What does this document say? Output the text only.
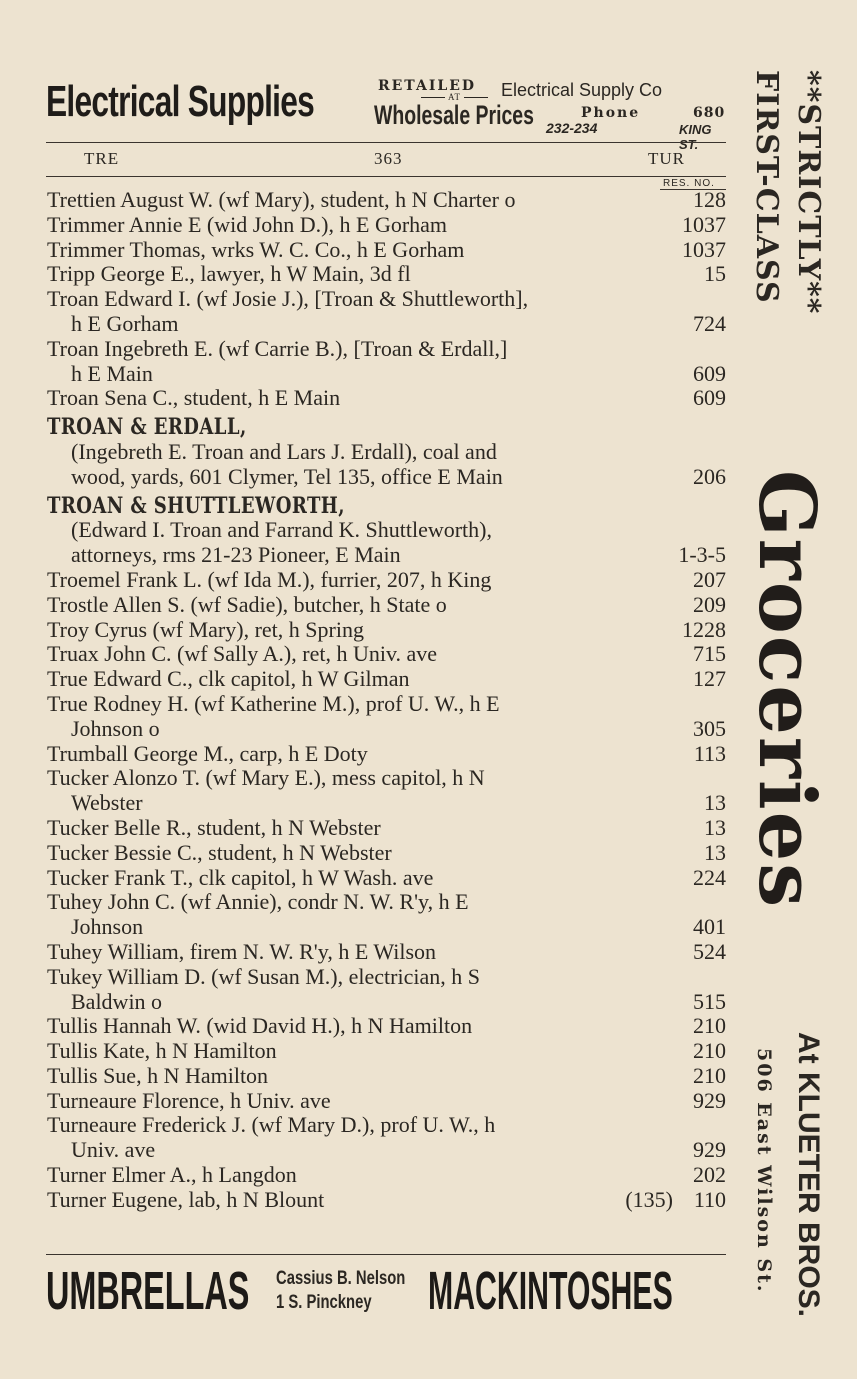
Electrical Supplies	RETAILED
AT
Wholesale Prices
Electrical Supply Co
Phone	680
232-234	KING ST.
TRE	363	TUR
RES. NO.
Trettien August W. (wf Mary), student, h N Charter o	128
Trimmer Annie E (wid John D.), h E Gorham	1037
Trimmer Thomas, wrks W. C. Co., h E Gorham	1037
Tripp George E., lawyer, h W Main, 3d fl	15
Troan Edward I. (wf Josie J.), [Troan & Shuttleworth],
h E Gorham	724
Troan Ingebreth E. (wf Carrie B.), [Troan & Erdall,]
h E Main	609
Troan Sena C., student, h E Main	609
TROAN & ERDALL,
(Ingebreth E. Troan and Lars J. Erdall), coal and
wood, yards, 601 Clymer, Tel 135, office E Main	206
TROAN & SHUTTLEWORTH,
(Edward I. Troan and Farrand K. Shuttleworth),
attorneys, rms 21-23 Pioneer, E Main	1-3-5
Troemel Frank L. (wf Ida M.), furrier, 207, h King	207
Trostle Allen S. (wf Sadie), butcher, h State o	209
Troy Cyrus (wf Mary), ret, h Spring	1228
Truax John C. (wf Sally A.), ret, h Univ. ave	715
True Edward C., clk capitol, h W Gilman	127
True Rodney H. (wf Katherine M.), prof U. W., h E
Johnson o	305
Trumball George M., carp, h E Doty	113
Tucker Alonzo T. (wf Mary E.), mess capitol, h N
Webster	13
Tucker Belle R., student, h N Webster	13
Tucker Bessie C., student, h N Webster	13
Tucker Frank T., clk capitol, h W Wash. ave	224
Tuhey John C. (wf Annie), condr N. W. R'y, h E
Johnson	401
Tuhey William, firem N. W. R'y, h E Wilson	524
Tukey William D. (wf Susan M.), electrician, h S
Baldwin o	515
Tullis Hannah W. (wid David H.), h N Hamilton	210
Tullis Kate, h N Hamilton	210
Tullis Sue, h N Hamilton	210
Turneaure Florence, h Univ. ave	929
Turneaure Frederick J. (wf Mary D.), prof U. W., h
Univ. ave	929
Turner Elmer A., h Langdon	202
Turner Eugene, lab, h N Blount	(135) 110
UMBRELLAS Cassius B. Nelson
1 S. Pinckney MACKINTOSHES
**STRICTLY**
FIRST-CLASS
Groceries
At KLUETER BROS.
506 East Wilson St.
